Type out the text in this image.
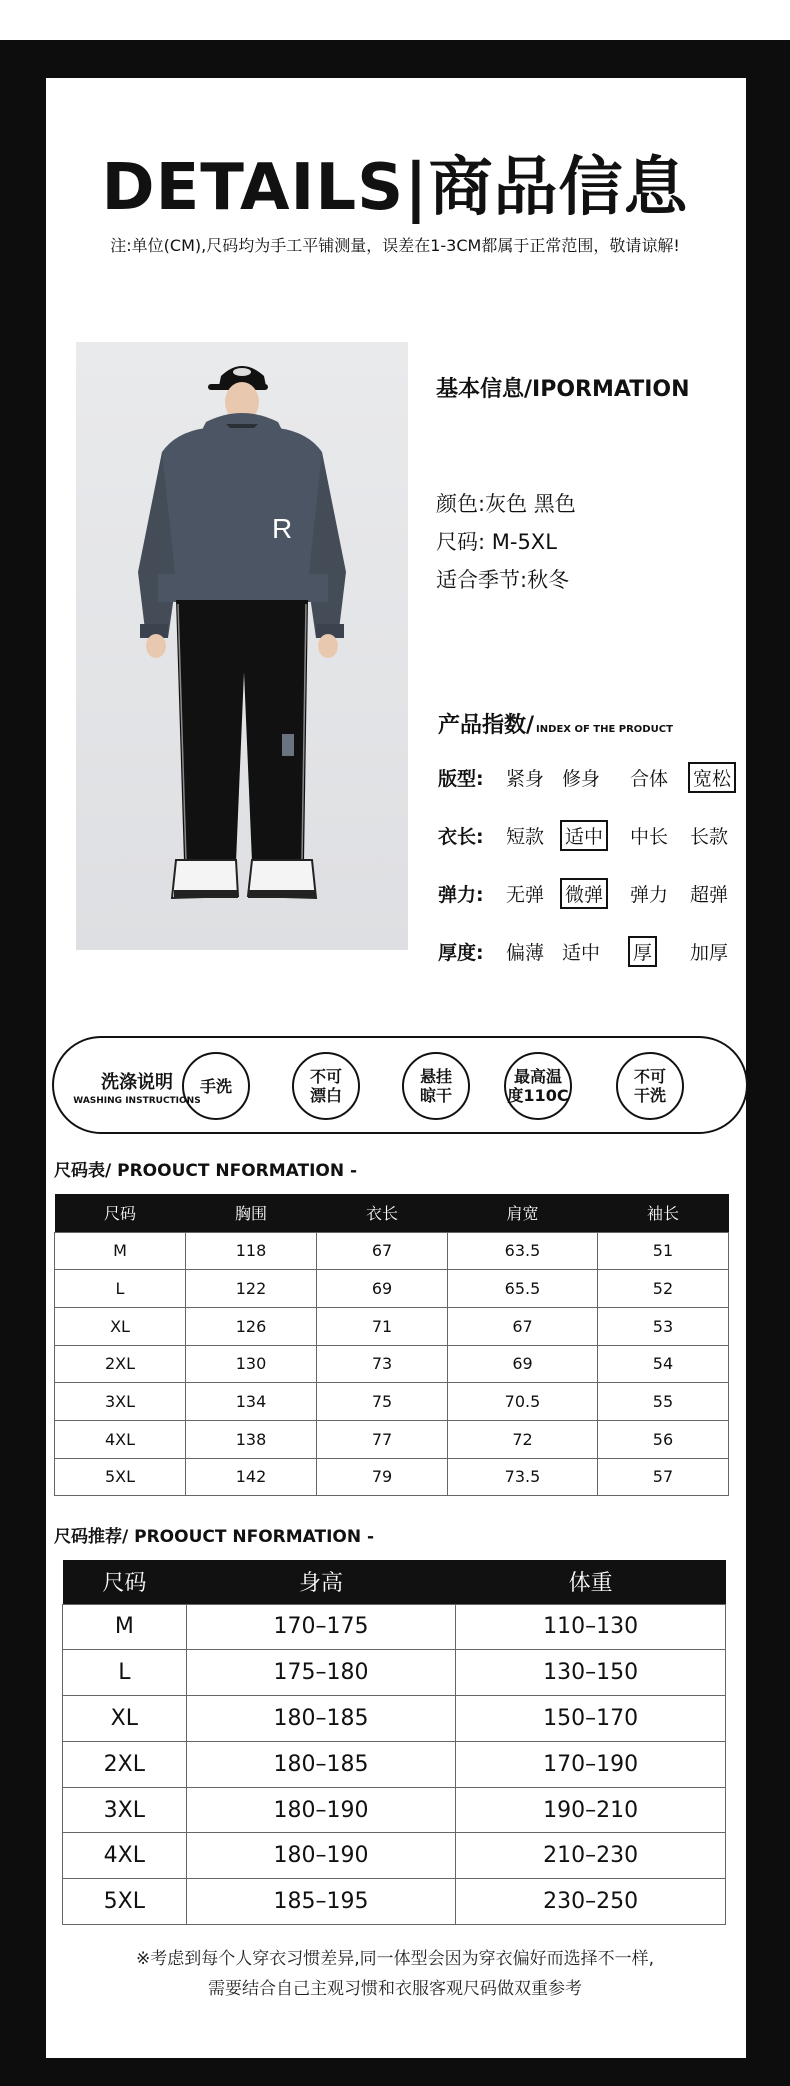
DETAILS|商品信息
注:单位(CM),尺码均为手工平铺测量，误差在1-3CM都属于正常范围，敬请谅解!
R
基本信息/IPORMATION
颜色:灰色 黑色
尺码: M-5XL
适合季节:秋冬
产品指数/ INDEX OF THE PRODUCT
版型: 紧身 修身 合体 宽松
衣长: 短款 适中 中长 长款
弹力: 无弹 微弹 弹力 超弹
厚度: 偏薄 适中 厚 加厚
洗涤说明
WASHING INSTRUCTIONS
手洗	不可
漂白
悬挂
晾干
最高温
度110C
不可
干洗
尺码表/ PROOUCT NFORMATION -
尺码	胸围	衣长	肩宽	袖长
M	118	67	63.5	51
L	122	69	65.5	52
XL	126	71	67	53
2XL	130	73	69	54
3XL	134	75	70.5	55
4XL	138	77	72	56
5XL	142	79	73.5	57
尺码推荐/ PROOUCT NFORMATION -
尺码	身高	体重
M	170–175	110–130
L	175–180	130–150
XL	180–185	150–170
2XL	180–185	170–190
3XL	180–190	190–210
4XL	180–190	210–230
5XL	185–195	230–250
※考虑到每个人穿衣习惯差异,同一体型会因为穿衣偏好而选择不一样,
需要结合自己主观习惯和衣服客观尺码做双重参考
